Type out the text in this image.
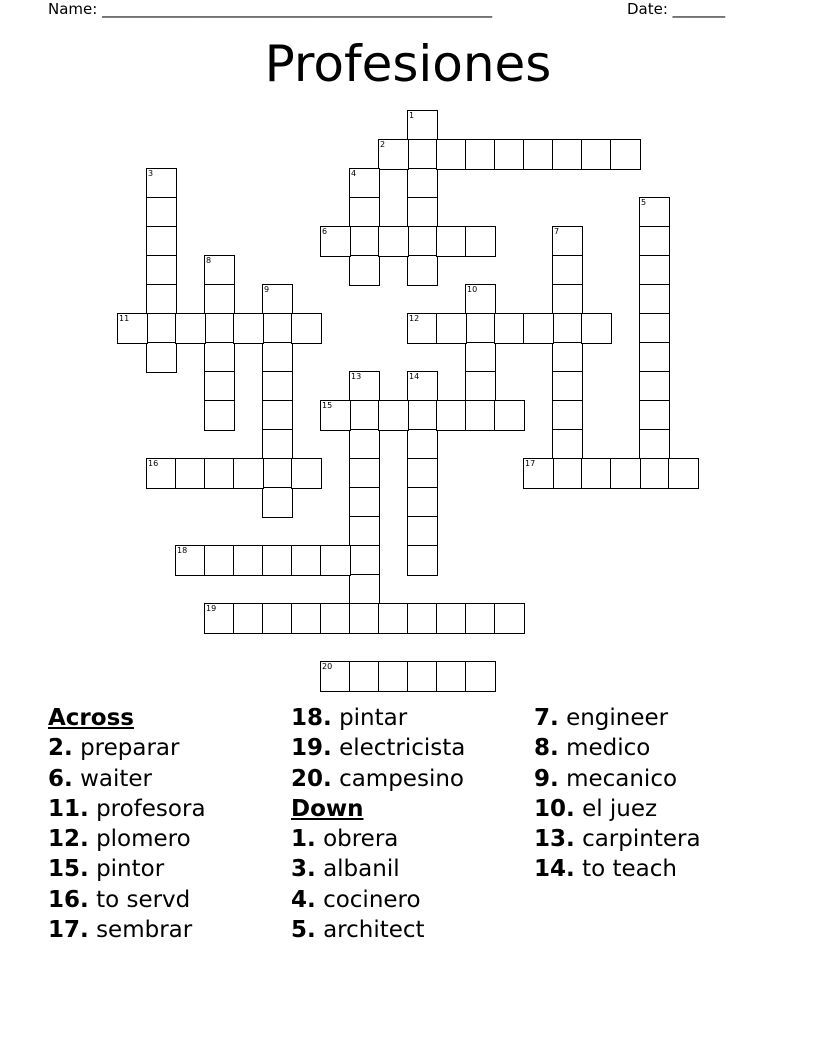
Name: ____________________________________________________	Date: _______
Profesiones
1
2
3	4
5
6	7
8
9	10
11	12
13	14
15
16	17
18
19
20
Across
2. preparar
6. waiter
11. profesora
12. plomero
15. pintor
16. to servd
17. sembrar
18. pintar
19. electricista
20. campesino
Down
1. obrera
3. albanil
4. cocinero
5. architect
7. engineer
8. medico
9. mecanico
10. el juez
13. carpintera
14. to teach
